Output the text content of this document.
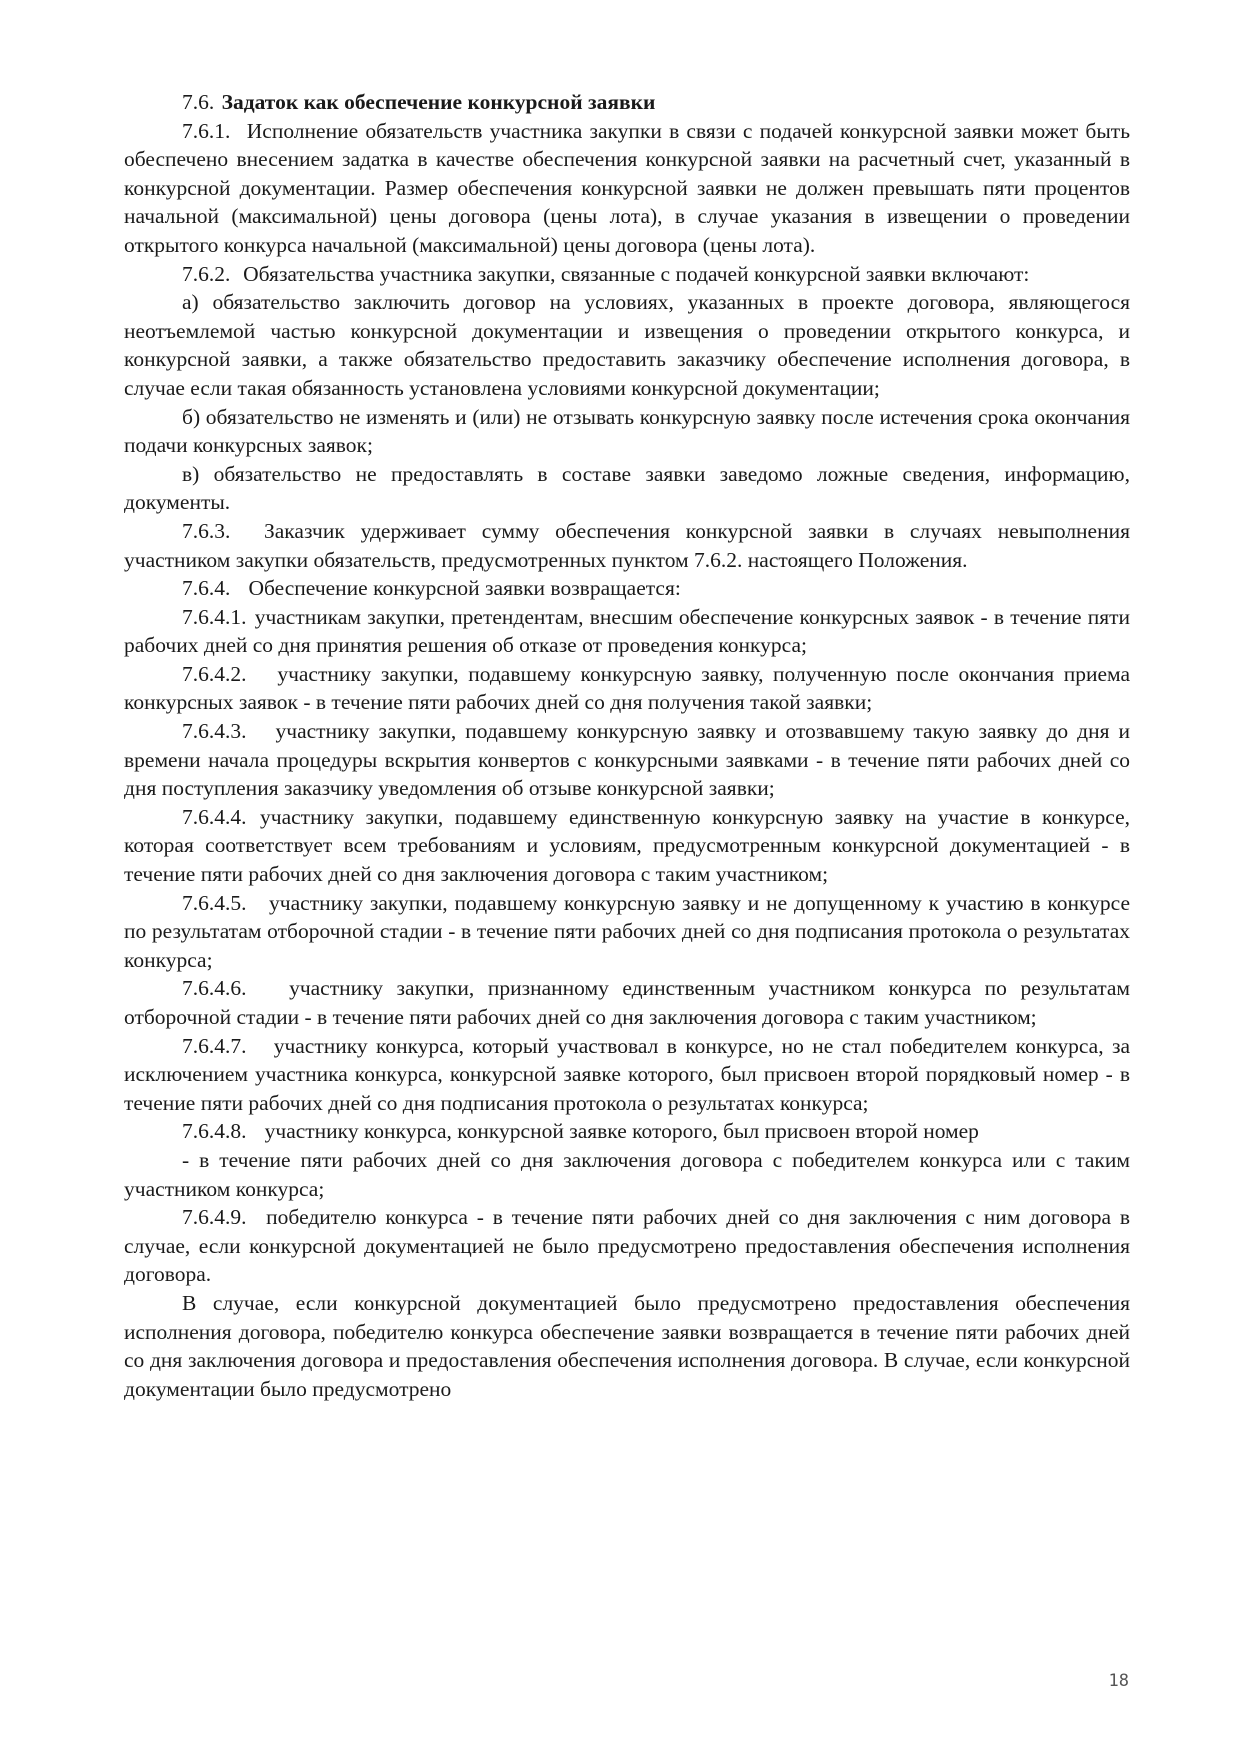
7.6. Задаток как обеспечение конкурсной заявки

7.6.1. Исполнение обязательств участника закупки в связи с подачей конкурсной заявки может быть обеспечено внесением задатка в качестве обеспечения конкурсной заявки на расчетный счет, указанный в конкурсной документации. Размер обеспечения конкурсной заявки не должен превышать пяти процентов начальной (максимальной) цены договора (цены лота), в случае указания в извещении о проведении открытого конкурса начальной (максимальной) цены договора (цены лота).

7.6.2. Обязательства участника закупки, связанные с подачей конкурсной заявки включают:

а) обязательство заключить договор на условиях, указанных в проекте договора, являющегося неотъемлемой частью конкурсной документации и извещения о проведении открытого конкурса, и конкурсной заявки, а также обязательство предоставить заказчику обеспечение исполнения договора, в случае если такая обязанность установлена условиями конкурсной документации;

б) обязательство не изменять и (или) не отзывать конкурсную заявку после истечения срока окончания подачи конкурсных заявок;

в) обязательство не предоставлять в составе заявки заведомо ложные сведения, информацию, документы.

7.6.3. Заказчик удерживает сумму обеспечения конкурсной заявки в случаях невыполнения участником закупки обязательств, предусмотренных пунктом 7.6.2. настоящего Положения.

7.6.4. Обеспечение конкурсной заявки возвращается:

7.6.4.1. участникам закупки, претендентам, внесшим обеспечение конкурсных заявок - в течение пяти рабочих дней со дня принятия решения об отказе от проведения конкурса;

7.6.4.2. участнику закупки, подавшему конкурсную заявку, полученную после окончания приема конкурсных заявок - в течение пяти рабочих дней со дня получения такой заявки;

7.6.4.3. участнику закупки, подавшему конкурсную заявку и отозвавшему такую заявку до дня и времени начала процедуры вскрытия конвертов с конкурсными заявками - в течение пяти рабочих дней со дня поступления заказчику уведомления об отзыве конкурсной заявки;

7.6.4.4. участнику закупки, подавшему единственную конкурсную заявку на участие в конкурсе, которая соответствует всем требованиям и условиям, предусмотренным конкурсной документацией - в течение пяти рабочих дней со дня заключения договора с таким участником;

7.6.4.5. участнику закупки, подавшему конкурсную заявку и не допущенному к участию в конкурсе по результатам отборочной стадии - в течение пяти рабочих дней со дня подписания протокола о результатах конкурса;

7.6.4.6. участнику закупки, признанному единственным участником конкурса по результатам отборочной стадии - в течение пяти рабочих дней со дня заключения договора с таким участником;

7.6.4.7. участнику конкурса, который участвовал в конкурсе, но не стал победителем конкурса, за исключением участника конкурса, конкурсной заявке которого, был присвоен второй порядковый номер - в течение пяти рабочих дней со дня подписания протокола о результатах конкурса;

7.6.4.8. участнику конкурса, конкурсной заявке которого, был присвоен второй номер

- в течение пяти рабочих дней со дня заключения договора с победителем конкурса или с таким участником конкурса;

7.6.4.9. победителю конкурса - в течение пяти рабочих дней со дня заключения с ним договора в случае, если конкурсной документацией не было предусмотрено предоставления обеспечения исполнения договора.

В случае, если конкурсной документацией было предусмотрено предоставления обеспечения исполнения договора, победителю конкурса обеспечение заявки возвращается в течение пяти рабочих дней со дня заключения договора и предоставления обеспечения исполнения договора. В случае, если конкурсной документации было предусмотрено

18
